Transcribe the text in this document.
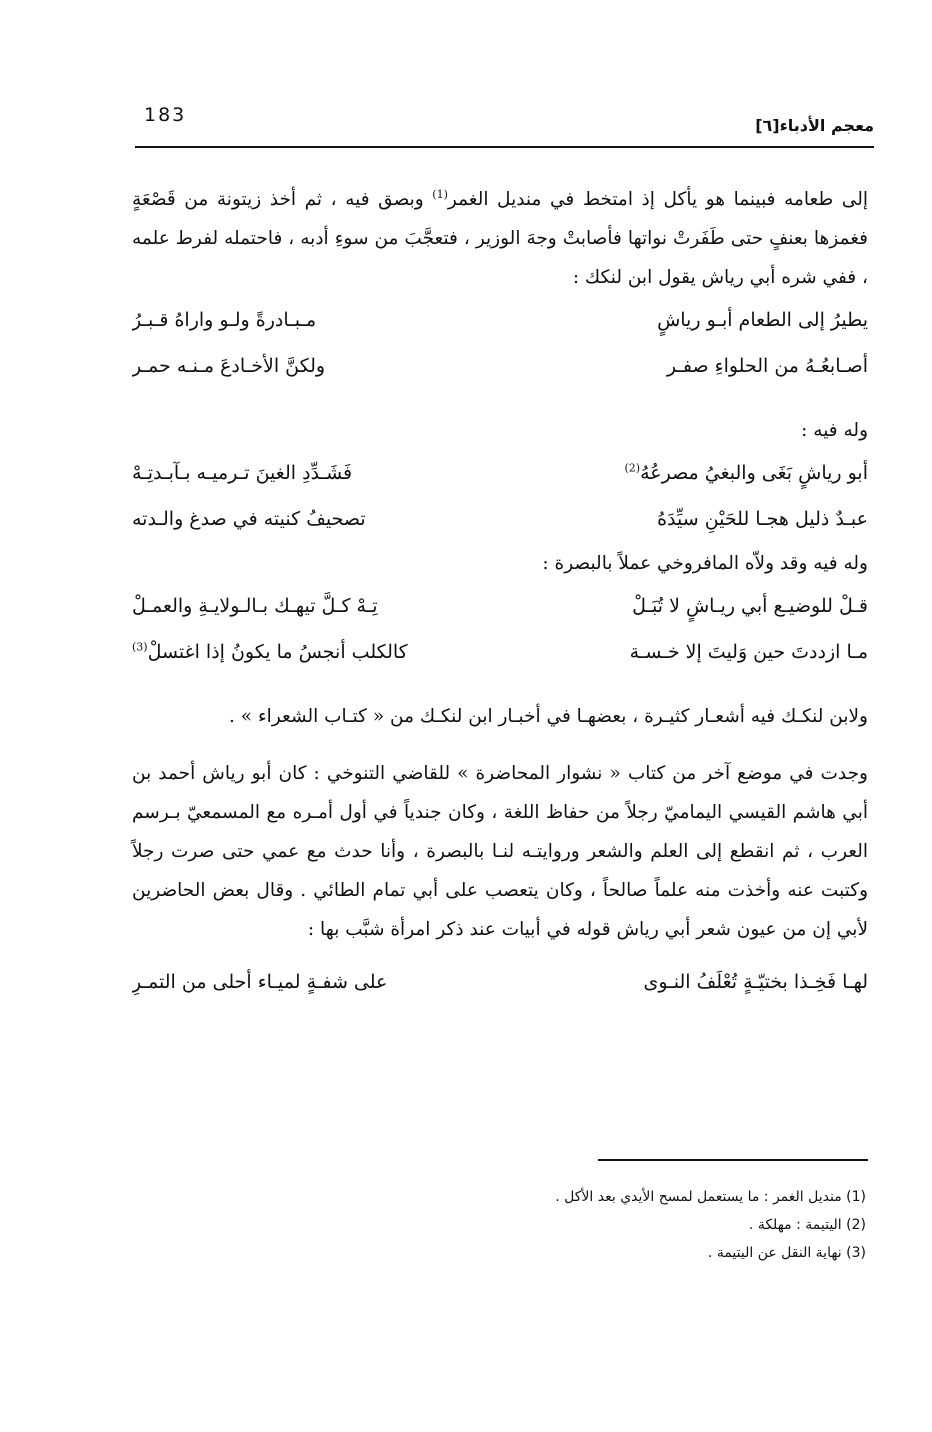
183	معجم الأدباء[٦]

إلى طعامه فبينما هو يأكل إذ امتخط في منديل الغمر$^{(1)}$ وبصق فيه ، ثم أخذ زيتونة من قَصْعَةٍ فغمزها بعنفٍ حتى طَفَرتْ نواتها فأصابتْ وجهَ الوزير ، فتعجَّبَ من سوءِ أدبه ، فاحتمله لفرط علمه ، ففي شره أبي رياش يقول ابن لنكك :

يطيرُ إلى الطعام أبـو رياشٍ
مـبـادرةً ولـو واراهُ قـبـرُ
أصـابعُـهُ من الحلواءِ صفـر
ولكنَّ الأخـادعَ مـنـه حمـر

وله فيه :

أبو رياشٍ بَغَى والبغيُ مصرعُهُ$^{(2)}$
فَشَـدِّدِ الغينَ تـرميـه بـآبـدتِـهْ
عبـدٌ ذليل هجـا للحَيْنِ سيِّدَهُ
تصحيفُ كنيته في صدغ والـدته

وله فيه وقد ولاّه المافروخي عملاً بالبصرة :

قـلْ للوضيـع أبي ريـاشٍ لا تُبَـلْ
تِـهْ كـلَّ تيهـك بـالـولايـةِ والعمـلْ
مـا ازددتَ حين وَليتَ إلا خـسـة
كالكلب أنجسُ ما يكونُ إذا اغتسلْ$^{(3)}$

ولابن لنكـك فيه أشعـار كثيـرة ، بعضهـا في أخبـار ابن لنكـك من « كتـاب الشعراء » .

وجدت في موضع آخر من كتاب « نشوار المحاضرة » للقاضي التنوخي : كان أبو رياش أحمد بن أبي هاشم القيسي اليماميّ رجلاً من حفاظ اللغة ، وكان جندياً في أول أمـره مع المسمعيّ بـرسم العرب ، ثم انقطع إلى العلم والشعر وروايتـه لنـا بالبصرة ، وأنا حدث مع عمي حتى صرت رجلاً وكتبت عنه وأخذت منه علماً صالحاً ، وكان يتعصب على أبي تمام الطائي . وقال بعض الحاضرين لأبي إن من عيون شعر أبي رياش قوله في أبيات عند ذكر امرأة شبَّب بها :

لهـا فَخِـذا بختيّـةٍ تُعْلَفُ النـوى
على شفـةٍ لميـاء أحلى من التمـرِ

(1) منديل الغمر : ما يستعمل لمسح الأيدي بعد الأكل .

(2) اليتيمة : مهلكة .

(3) نهاية النقل عن اليتيمة .
